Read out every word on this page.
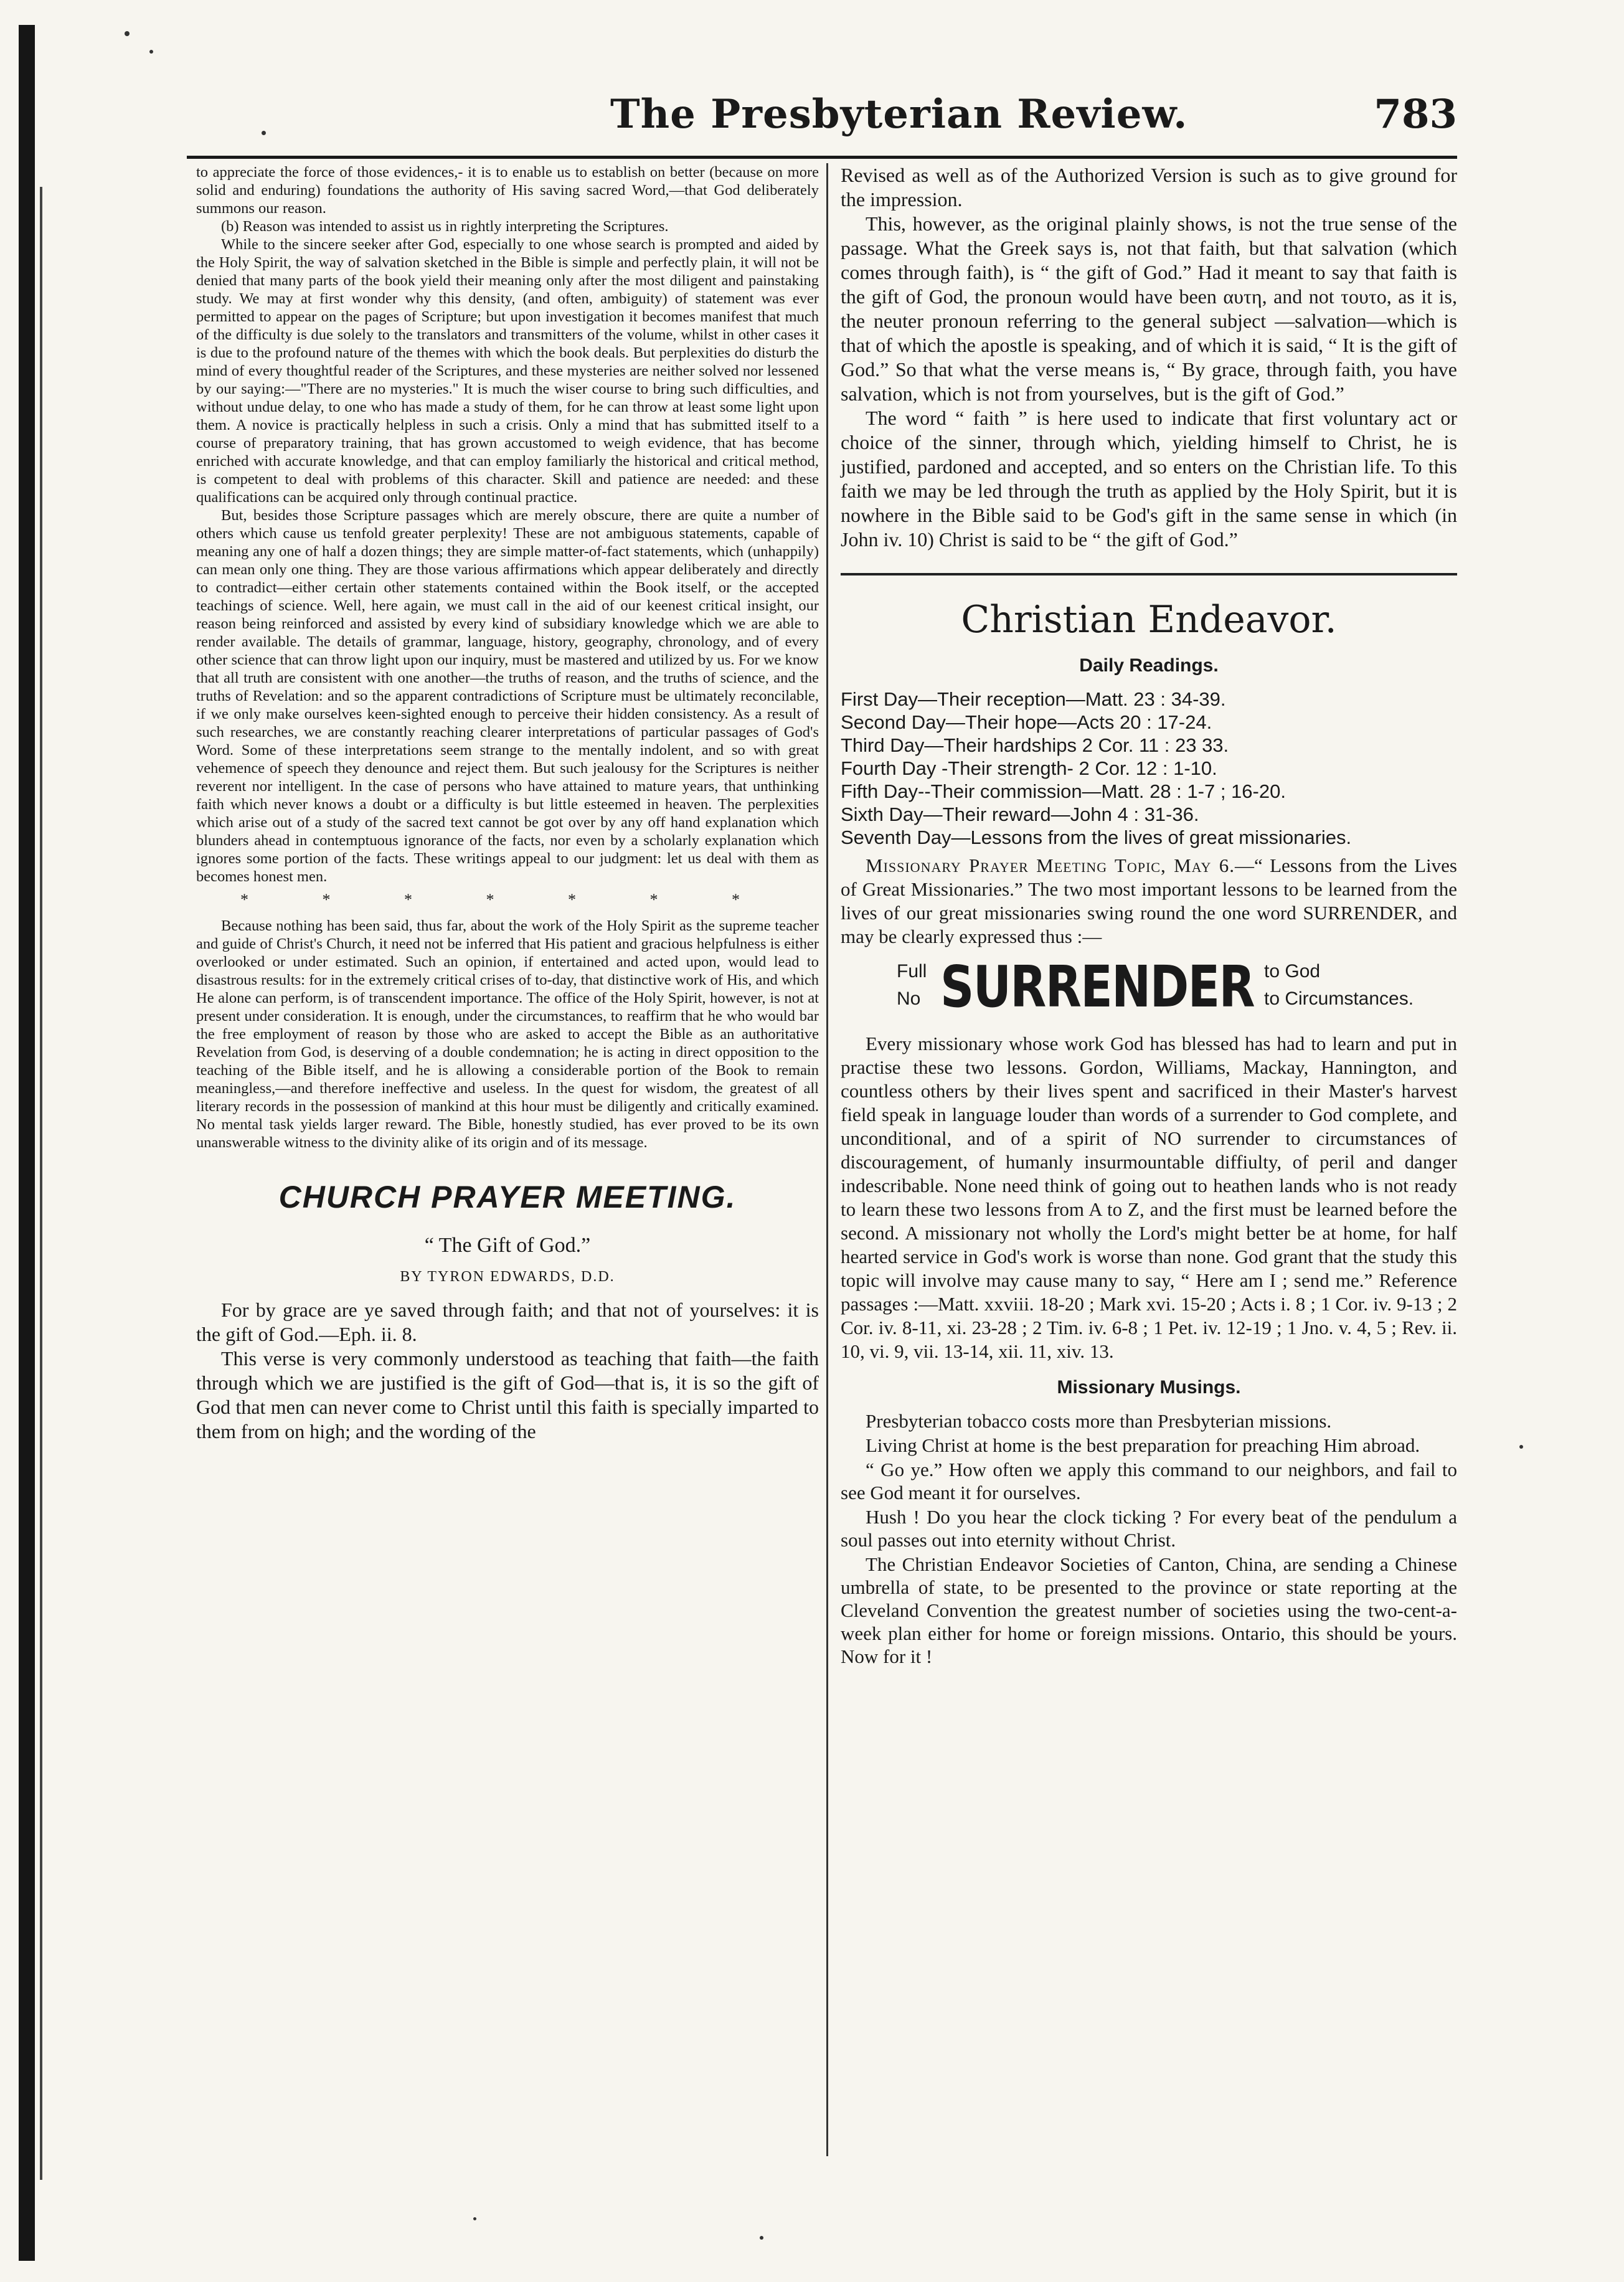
The Presbyterian Review.	783

to appreciate the force of those evidences,- it is to enable us to establish on better (because on more solid and enduring) foundations the authority of His saving sacred Word,—that God deliberately summons our reason.

(b) Reason was intended to assist us in rightly interpreting the Scriptures.

While to the sincere seeker after God, especially to one whose search is prompted and aided by the Holy Spirit, the way of salvation sketched in the Bible is simple and perfectly plain, it will not be denied that many parts of the book yield their meaning only after the most diligent and painstaking study. We may at first wonder why this density, (and often, ambiguity) of statement was ever permitted to appear on the pages of Scripture; but upon investigation it becomes manifest that much of the difficulty is due solely to the translators and transmitters of the volume, whilst in other cases it is due to the profound nature of the themes with which the book deals. But perplexities do disturb the mind of every thoughtful reader of the Scriptures, and these mysteries are neither solved nor lessened by our saying:—"There are no mysteries." It is much the wiser course to bring such difficulties, and without undue delay, to one who has made a study of them, for he can throw at least some light upon them. A novice is practically helpless in such a crisis. Only a mind that has submitted itself to a course of preparatory training, that has grown accustomed to weigh evidence, that has become enriched with accurate knowledge, and that can employ familiarly the historical and critical method, is competent to deal with problems of this character. Skill and patience are needed: and these qualifications can be acquired only through continual practice.

But, besides those Scripture passages which are merely obscure, there are quite a number of others which cause us tenfold greater perplexity! These are not ambiguous statements, capable of meaning any one of half a dozen things; they are simple matter-of-fact statements, which (unhappily) can mean only one thing. They are those various affirmations which appear deliberately and directly to contradict—either certain other statements contained within the Book itself, or the accepted teachings of science. Well, here again, we must call in the aid of our keenest critical insight, our reason being reinforced and assisted by every kind of subsidiary knowledge which we are able to render available. The details of grammar, language, history, geography, chronology, and of every other science that can throw light upon our inquiry, must be mastered and utilized by us. For we know that all truth are consistent with one another—the truths of reason, and the truths of science, and the truths of Revelation: and so the apparent contradictions of Scripture must be ultimately reconcilable, if we only make ourselves keen-sighted enough to perceive their hidden consistency. As a result of such researches, we are constantly reaching clearer interpretations of particular passages of God's Word. Some of these interpretations seem strange to the mentally indolent, and so with great vehemence of speech they denounce and reject them. But such jealousy for the Scriptures is neither reverent nor intelligent. In the case of persons who have attained to mature years, that unthinking faith which never knows a doubt or a difficulty is but little esteemed in heaven. The perplexities which arise out of a study of the sacred text cannot be got over by any off hand explanation which blunders ahead in contemptuous ignorance of the facts, nor even by a scholarly explanation which ignores some portion of the facts. These writings appeal to our judgment: let us deal with them as becomes honest men.

* * * * * * *

Because nothing has been said, thus far, about the work of the Holy Spirit as the supreme teacher and guide of Christ's Church, it need not be inferred that His patient and gracious helpfulness is either overlooked or under estimated. Such an opinion, if entertained and acted upon, would lead to disastrous results: for in the extremely critical crises of to-day, that distinctive work of His, and which He alone can perform, is of transcendent importance. The office of the Holy Spirit, however, is not at present under consideration. It is enough, under the circumstances, to reaffirm that he who would bar the free employment of reason by those who are asked to accept the Bible as an authoritative Revelation from God, is deserving of a double condemnation; he is acting in direct opposition to the teaching of the Bible itself, and he is allowing a considerable portion of the Book to remain meaningless,—and therefore ineffective and useless. In the quest for wisdom, the greatest of all literary records in the possession of mankind at this hour must be diligently and critically examined. No mental task yields larger reward. The Bible, honestly studied, has ever proved to be its own unanswerable witness to the divinity alike of its origin and of its message.

CHURCH PRAYER MEETING.
“ The Gift of God.”
BY TYRON EDWARDS, D.D.

For by grace are ye saved through faith; and that not of yourselves: it is the gift of God.—Eph. ii. 8.

This verse is very commonly understood as teaching that faith—the faith through which we are justified is the gift of God—that is, it is so the gift of God that men can never come to Christ until this faith is specially imparted to them from on high; and the wording of the

Revised as well as of the Authorized Version is such as to give ground for the impression.

This, however, as the original plainly shows, is not the true sense of the passage. What the Greek says is, not that faith, but that salvation (which comes through faith), is “ the gift of God.” Had it meant to say that faith is the gift of God, the pronoun would have been αυτη, and not τουτο, as it is, the neuter pronoun referring to the general subject —salvation—which is that of which the apostle is speaking, and of which it is said, “ It is the gift of God.” So that what the verse means is, “ By grace, through faith, you have salvation, which is not from yourselves, but is the gift of God.”

The word “ faith ” is here used to indicate that first voluntary act or choice of the sinner, through which, yielding himself to Christ, he is justified, pardoned and accepted, and so enters on the Christian life. To this faith we may be led through the truth as applied by the Holy Spirit, but it is nowhere in the Bible said to be God's gift in the same sense in which (in John iv. 10) Christ is said to be “ the gift of God.”

Christian Endeavor.
Daily Readings.

First Day—Their reception—Matt. 23 : 34-39.

Second Day—Their hope—Acts 20 : 17-24.

Third Day—Their hardships 2 Cor. 11 : 23 33.

Fourth Day -Their strength- 2 Cor. 12 : 1-10.

Fifth Day--Their commission—Matt. 28 : 1-7 ; 16-20.

Sixth Day—Their reward—John 4 : 31-36.

Seventh Day—Lessons from the lives of great missionaries.

Missionary Prayer Meeting Topic, May 6.—“ Lessons from the Lives of Great Missionaries.” The two most important lessons to be learned from the lives of our great missionaries swing round the one word SURRENDER, and may be clearly expressed thus :—

Full
No SURRENDER to God
to Circumstances.

Every missionary whose work God has blessed has had to learn and put in practise these two lessons. Gordon, Williams, Mackay, Hannington, and countless others by their lives spent and sacrificed in their Master's harvest field speak in language louder than words of a surrender to God complete, and unconditional, and of a spirit of NO surrender to circumstances of discouragement, of humanly insurmountable diffiulty, of peril and danger indescribable. None need think of going out to heathen lands who is not ready to learn these two lessons from A to Z, and the first must be learned before the second. A missionary not wholly the Lord's might better be at home, for half hearted service in God's work is worse than none. God grant that the study this topic will involve may cause many to say, “ Here am I ; send me.” Reference passages :—Matt. xxviii. 18-20 ; Mark xvi. 15-20 ; Acts i. 8 ; 1 Cor. iv. 9-13 ; 2 Cor. iv. 8-11, xi. 23-28 ; 2 Tim. iv. 6-8 ; 1 Pet. iv. 12-19 ; 1 Jno. v. 4, 5 ; Rev. ii. 10, vi. 9, vii. 13-14, xii. 11, xiv. 13.

Missionary Musings.

Presbyterian tobacco costs more than Presbyterian missions.

Living Christ at home is the best preparation for preaching Him abroad.

“ Go ye.” How often we apply this command to our neighbors, and fail to see God meant it for ourselves.

Hush ! Do you hear the clock ticking ? For every beat of the pendulum a soul passes out into eternity without Christ.

The Christian Endeavor Societies of Canton, China, are sending a Chinese umbrella of state, to be presented to the province or state reporting at the Cleveland Convention the greatest number of societies using the two-cent-a-week plan either for home or foreign missions. Ontario, this should be yours. Now for it !
